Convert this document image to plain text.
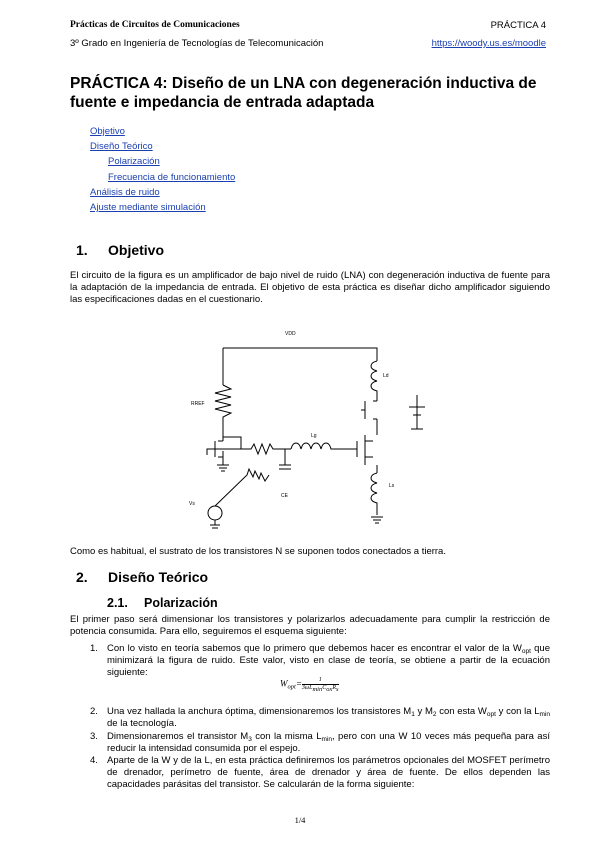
Prácticas de Circuitos de Comunicaciones	PRÁCTICA 4
3º Grado en Ingeniería de Tecnologías de Telecomunicación	https://woody.us.es/moodle
PRÁCTICA 4: Diseño de un LNA con degeneración inductiva de fuente e impedancia de entrada adaptada
Objetivo
Diseño Teórico
Polarización
Frecuencia de funcionamiento
Análisis de ruido
Ajuste mediante simulación
1. Objetivo
El circuito de la figura es un amplificador de bajo nivel de ruido (LNA) con degeneración inductiva de fuente para la adaptación de la impedancia de entrada. El objetivo de esta práctica es diseñar dicho amplificador siguiendo las especificaciones dadas en el cuestionario.
VDD
Ld
RREF
Lg
CE
Ls
Vs
Como es habitual, el sustrato de los transistores N se suponen todos conectados a tierra.
2. Diseño Teórico
2.1. Polarización
El primer paso será dimensionar los transistores y polarizarlos adecuadamente para cumplir la restricción de potencia consumida. Para ello, seguiremos el esquema siguiente:
1. Con lo visto en teoría sabemos que lo primero que debemos hacer es encontrar el valor de la $W_{opt}$ que minimizará la figura de ruido. Este valor, visto en clase de teoría, se obtiene a partir de la ecuación siguiente:
$W_{opt}=$	1
$3\omega L_{min}C_{ox}R_s$
2. Una vez hallada la anchura óptima, dimensionaremos los transistores $M_1$ y $M_2$ con esta $W_{opt}$ y con la $L_{min}$ de la tecnología.
3. Dimensionaremos el transistor $M_3$ con la misma $L_{min}$, pero con una W 10 veces más pequeña para así reducir la intensidad consumida por el espejo.
4. Aparte de la W y de la L, en esta práctica definiremos los parámetros opcionales del MOSFET perímetro de drenador, perímetro de fuente, área de drenador y área de fuente. De ellos dependen las capacidades parásitas del transistor. Se calcularán de la forma siguiente:
1/4
